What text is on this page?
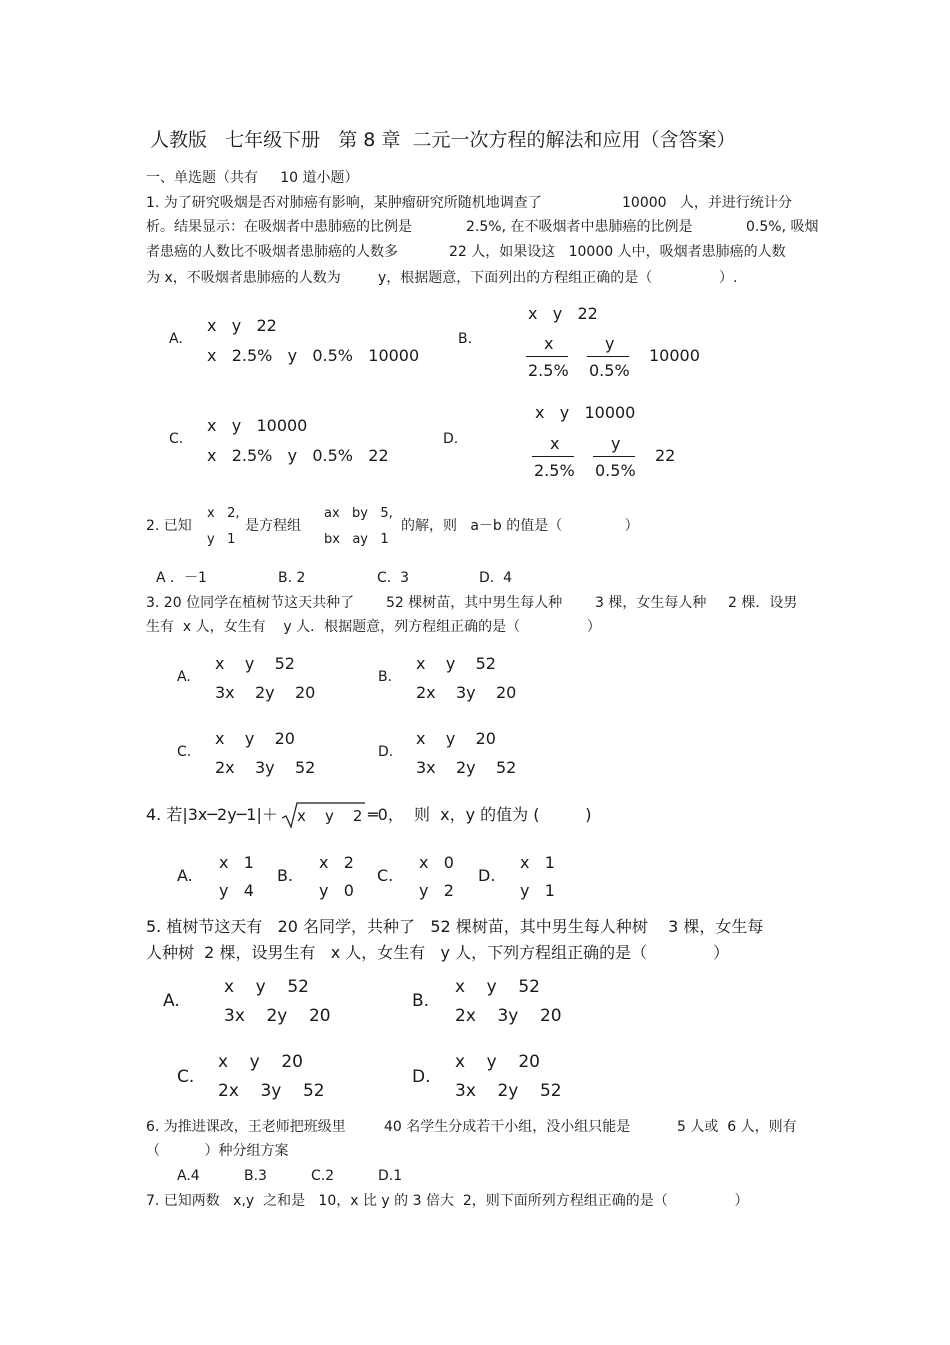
人教版   七年级下册   第 8 章  二元一次方程的解法和应用（含答案）
一、单选题（共有     10 道小题）
1. 为了研究吸烟是否对肺癌有影响，某肿瘤研究所随机地调查了	10000   人，并进行统计分
析。结果显示：在吸烟者中患肺癌的比例是	2.5%, 在不吸烟者中患肺癌的比例是	0.5%, 吸烟
者患癌的人数比不吸烟者患肺癌的人数多	22 人，如果设这   10000 人中，吸烟者患肺癌的人数
为 x，不吸烟者患肺癌的人数为	y，根据题意，下面列出的方程组正确的是（               ）.
A.
x   y   22
x   2.5%   y   0.5%   10000
B.
x   y   22
x
2.5%
y
0.5%
10000
C.
x   y   10000
x   2.5%   y   0.5%   22
D.
x   y   10000
x
2.5%
y
0.5%
22
2. 已知
x   2,
y   1
是方程组
ax   by   5,
bx   ay   1
的解，则   a－b 的值是（              ）
A ．－1	B. 2	C.  3	D.  4
3. 20 位同学在植树节这天共种了 52 棵树苗，其中男生每人种 3 棵，女生每人种 2 棵．设男
生有  x 人，女生有    y 人．根据题意，列方程组正确的是（               ）
A.
x    y    52
3x    2y    20
B.
x    y    52
2x    3y    20
C.
x    y    20
2x    3y    52
D.
x    y    20
3x    2y    52
4. 若|3x─2y─1|＋ x    y    2 ═0，  则  x，y 的值为 (         )
A.
x   1
y   4
B.
x   2
y   0
C.
x   0
y   2
D.
x   1
y   1
5. 植树节这天有   20 名同学，共种了   52 棵树苗，其中男生每人种树    3 棵，女生每
人种树  2 棵，设男生有   x 人，女生有   y 人，下列方程组正确的是（             ）
A.
x    y    52
3x    2y    20
B.
x    y    52
2x    3y    20
C.
x    y    20
2x    3y    52
D.
x    y    20
3x    2y    52
6. 为推进课改，王老师把班级里	40 名学生分成若干小组，没小组只能是	5 人或  6 人，则有
（          ）种分组方案
A.4	B.3	C.2	D.1
7. 已知两数   x,y  之和是   10，x 比 y 的 3 倍大  2，则下面所列方程组正确的是（               ）
